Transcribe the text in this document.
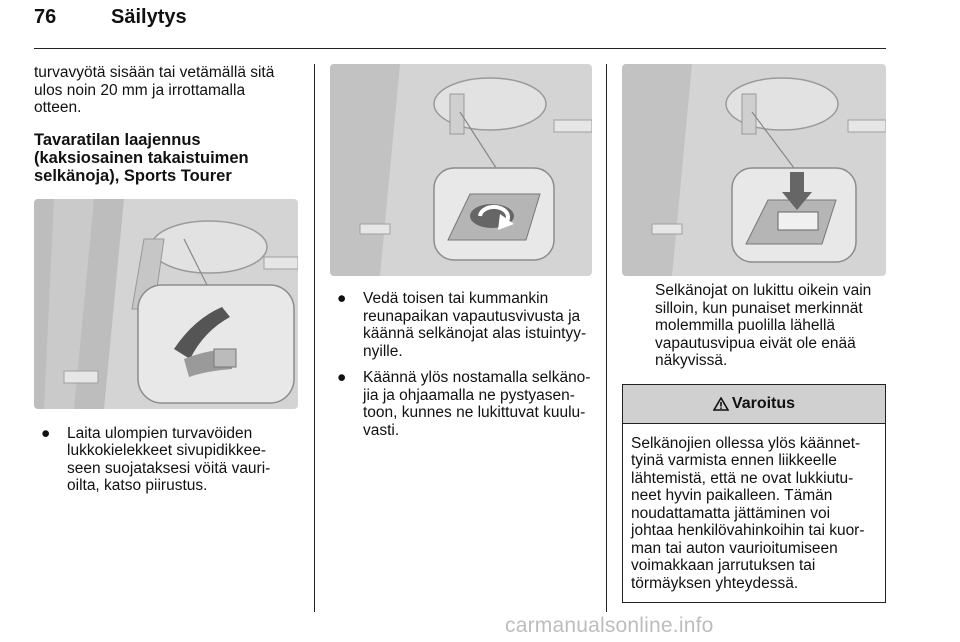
76	Säilytys

turvavyötä sisään tai vetämällä sitä

ulos noin 20 mm ja irrottamalla

otteen.

Tavaratilan laajennus

(kaksiosainen takaistuimen

selkänoja), Sports Tourer

● Laita ulompien turvavöiden
lukkokielekkeet sivupidikkee-
seen suojataksesi vöitä vauri-
oilta, katso piirustus.
● Vedä toisen tai kummankin
reunapaikan vapautusvivusta ja
käännä selkänojat alas istuintyy-
nyille.
● Käännä ylös nostamalla selkäno-
jia ja ohjaamalla ne pystyasen-
toon, kunnes ne lukittuvat kuulu-
vasti.
Selkänojat on lukittu oikein vain
silloin, kun punaiset merkinnät
molemmilla puolilla lähellä
vapautusvipua eivät ole enää
näkyvissä.
Varoitus
Selkänojien ollessa ylös käännet-
tyinä varmista ennen liikkeelle
lähtemistä, että ne ovat lukkiutu-
neet hyvin paikalleen. Tämän
noudattamatta jättäminen voi
johtaa henkilövahinkoihin tai kuor-
man tai auton vaurioitumiseen
voimakkaan jarrutuksen tai
törmäyksen yhteydessä.
carmanualsonline.info
